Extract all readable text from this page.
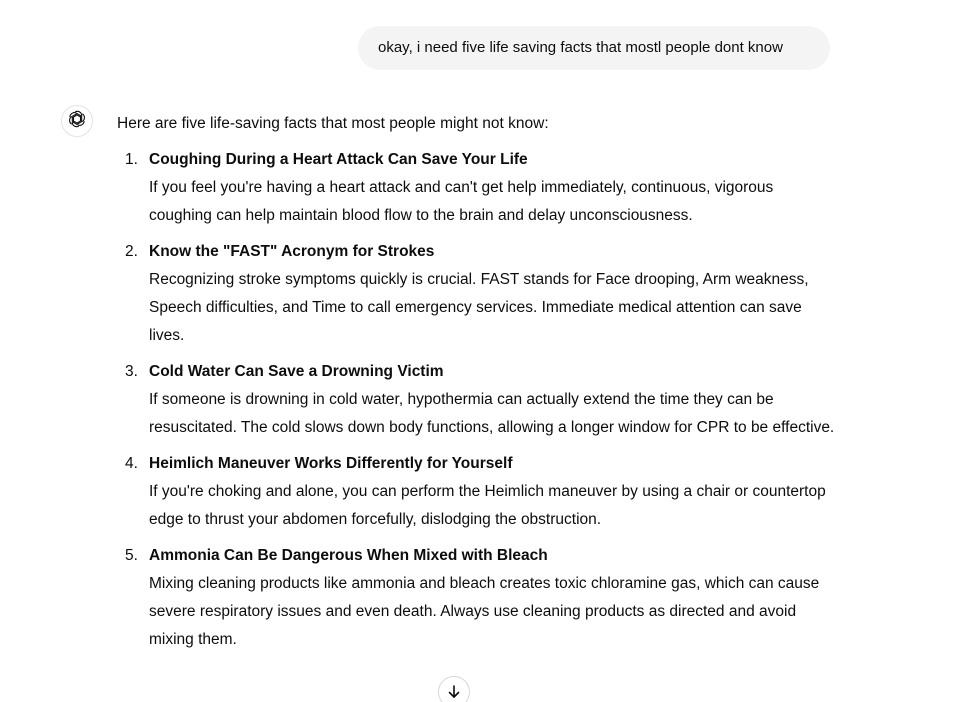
okay, i need five life saving facts that mostl people dont know

Here are five life-saving facts that most people might not know:

1. Coughing During a Heart Attack Can Save Your Life
If you feel you're having a heart attack and can't get help immediately, continuous, vigorous coughing can help maintain blood flow to the brain and delay unconsciousness.
2. Know the "FAST" Acronym for Strokes
Recognizing stroke symptoms quickly is crucial. FAST stands for Face drooping, Arm weakness, Speech difficulties, and Time to call emergency services. Immediate medical attention can save lives.
3. Cold Water Can Save a Drowning Victim
If someone is drowning in cold water, hypothermia can actually extend the time they can be resuscitated. The cold slows down body functions, allowing a longer window for CPR to be effective.
4. Heimlich Maneuver Works Differently for Yourself
If you're choking and alone, you can perform the Heimlich maneuver by using a chair or countertop edge to thrust your abdomen forcefully, dislodging the obstruction.
5. Ammonia Can Be Dangerous When Mixed with Bleach
Mixing cleaning products like ammonia and bleach creates toxic chloramine gas, which can cause severe respiratory issues and even death. Always use cleaning products as directed and avoid mixing them.
